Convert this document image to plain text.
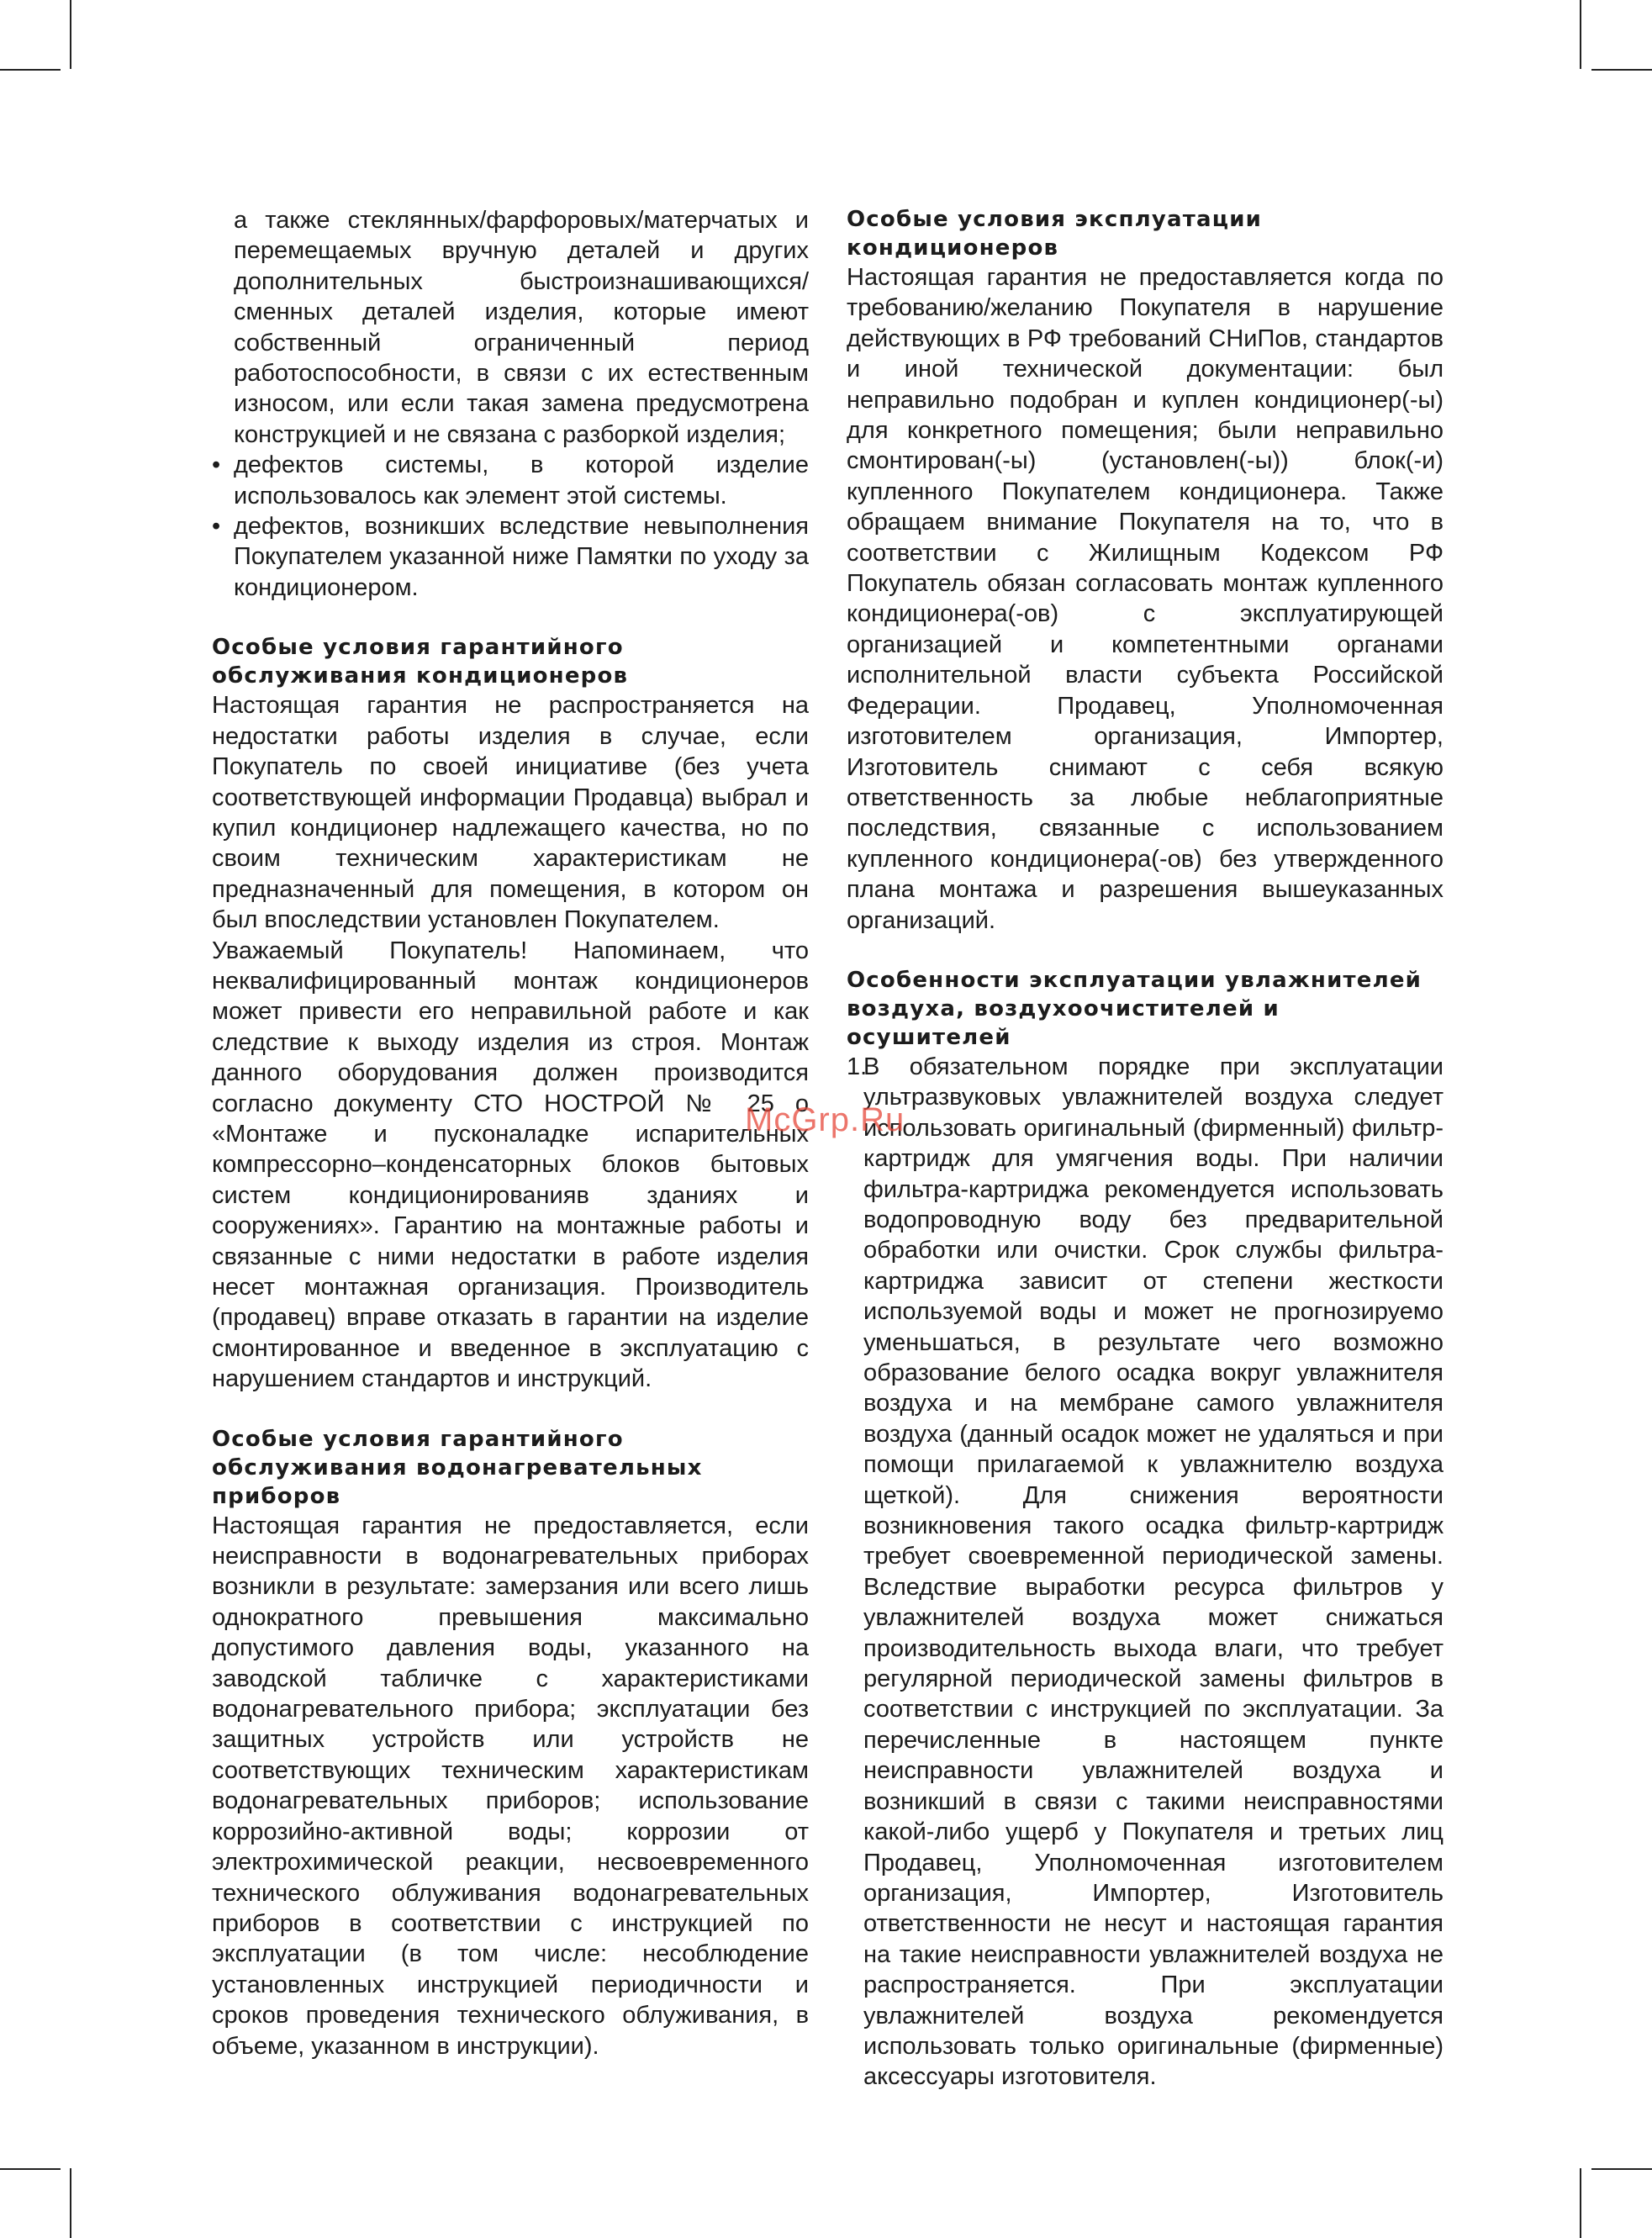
а также стеклянных/фарфоровых/матерчатых и перемещаемых вручную деталей и других дополнительных быстроизнашивающихся/сменных деталей изделия, которые имеют собственный ограниченный период работоспособности, в связи с их естественным износом, или если такая замена предусмотрена конструкцией и не связана с разборкой изделия;

• дефектов системы, в которой изделие использовалось как элемент этой системы.
• дефектов, возникших вследствие невыполнения Покупателем указанной ниже Памятки по уходу за кондиционером.
Особые условия гарантийного обслуживания кондиционеров

Настоящая гарантия не распространяется на недостатки работы изделия в случае, если Покупатель по своей инициативе (без учета соответствующей информации Продавца) выбрал и купил кондиционер надлежащего качества, но по своим техническим характеристикам не предназначенный для помещения, в котором он был впоследствии установлен Покупателем.

Уважаемый Покупатель! Напоминаем, что неквалифицированный монтаж кондиционеров может привести его неправильной работе и как следствие к выходу изделия из строя. Монтаж данного оборудования должен производится согласно документу СТО НОСТРОЙ № 25 о «Монтаже и пусконаладке испарительных компрессорно–конденсаторных блоков бытовых систем кондиционированияв зданиях и сооружениях». Гарантию на монтажные работы и связанные с ними недостатки в работе изделия несет монтажная организация. Производитель (продавец) вправе отказать в гарантии на изделие смонтированное и введенное в эксплуатацию с нарушением стандартов и инструкций.

Особые условия гарантийного обслуживания водонагревательных приборов

Настоящая гарантия не предоставляется, если неисправности в водонагревательных приборах возникли в результате: замерзания или всего лишь однократного превышения максимально допустимого давления воды, указанного на заводской табличке с характеристиками водонагревательного прибора; эксплуатации без защитных устройств или устройств не соответствующих техническим характеристикам водонагревательных приборов; использование коррозийно-активной воды; коррозии от электрохимической реакции, несвоевременного технического облуживания водонагревательных приборов в соответствии с инструкцией по эксплуатации (в том числе: несоблюдение установленных инструкцией периодичности и сроков проведения технического облуживания, в объеме, указанном в инструкции).

Особые условия эксплуатации кондиционеров

Настоящая гарантия не предоставляется когда по требованию/желанию Покупателя в нарушение действующих в РФ требований СНиПов, стандартов и иной технической документации: был неправильно подобран и куплен кондиционер(-ы) для конкретного помещения; были неправильно смонтирован(-ы) (установлен(-ы)) блок(-и) купленного Покупателем кондиционера. Также обращаем внимание Покупателя на то, что в соответствии с Жилищным Кодексом РФ Покупатель обязан согласовать монтаж купленного кондиционера(-ов) с эксплуатирующей организацией и компетентными органами исполнительной власти субъекта Российской Федерации. Продавец, Уполномоченная изготовителем организация, Импортер, Изготовитель снимают с себя всякую ответственность за любые неблагоприятные последствия, связанные с использованием купленного кондиционера(-ов) без утвержденного плана монтажа и разрешения вышеуказанных организаций.

Особенности эксплуатации увлажнителей воздуха, воздухоочистителей и осушителей
1.
В обязательном порядке при эксплуатации ультразвуковых увлажнителей воздуха следует использовать оригинальный (фирменный) фильтр-картридж для умягчения воды. При наличии фильтра-картриджа рекомендуется использовать водопроводную воду без предварительной обработки или очистки. Срок службы фильтра-картриджа зависит от степени жесткости используемой воды и может не прогнозируемо уменьшаться, в результате чего возможно образование белого осадка вокруг увлажнителя воздуха и на мембране самого увлажнителя воздуха (данный осадок может не удаляться и при помощи прилагаемой к увлажнителю воздуха щеткой). Для снижения вероятности возникновения такого осадка фильтр-картридж требует своевременной периодической замены. Вследствие выработки ресурса фильтров у увлажнителей воздуха может снижаться производительность выхода влаги, что требует регулярной периодической замены фильтров в соответствии с инструкцией по эксплуатации. За перечисленные в настоящем пункте неисправности увлажнителей воздуха и возникший в связи с такими неисправностями какой-либо ущерб у Покупателя и третьих лиц Продавец, Уполномоченная изготовителем организация, Импортер, Изготовитель ответственности не несут и настоящая гарантия на такие неисправности увлажнителей воздуха не распространяется. При эксплуатации увлажнителей воздуха рекомендуется использовать только оригинальные (фирменные) аксессуары изготовителя.
McGrp.Ru
